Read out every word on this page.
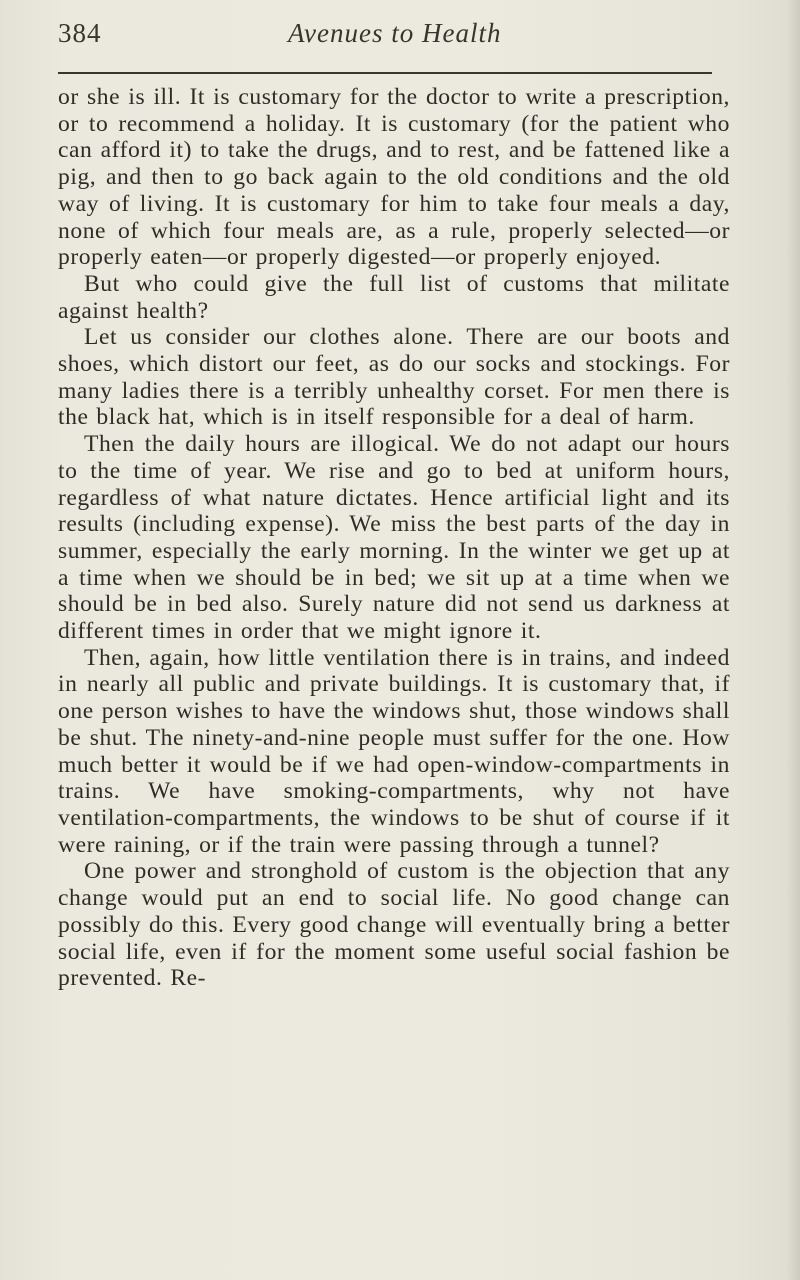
384	Avenues to Health

or she is ill. It is customary for the doctor to write a prescription, or to recommend a holiday. It is customary (for the patient who can afford it) to take the drugs, and to rest, and be fattened like a pig, and then to go back again to the old conditions and the old way of living. It is customary for him to take four meals a day, none of which four meals are, as a rule, properly selected—or properly eaten—or properly digested—or properly enjoyed.

But who could give the full list of customs that militate against health?

Let us consider our clothes alone. There are our boots and shoes, which distort our feet, as do our socks and stockings. For many ladies there is a terribly unhealthy corset. For men there is the black hat, which is in itself responsible for a deal of harm.

Then the daily hours are illogical. We do not adapt our hours to the time of year. We rise and go to bed at uniform hours, regardless of what nature dictates. Hence artificial light and its results (including expense). We miss the best parts of the day in summer, especially the early morning. In the winter we get up at a time when we should be in bed; we sit up at a time when we should be in bed also. Surely nature did not send us darkness at different times in order that we might ignore it.

Then, again, how little ventilation there is in trains, and indeed in nearly all public and private buildings. It is customary that, if one person wishes to have the windows shut, those windows shall be shut. The ninety-and-nine people must suffer for the one. How much better it would be if we had open-window-compartments in trains. We have smoking-compartments, why not have ventilation-compartments, the windows to be shut of course if it were raining, or if the train were passing through a tunnel?

One power and stronghold of custom is the objection that any change would put an end to social life. No good change can possibly do this. Every good change will eventually bring a better social life, even if for the moment some useful social fashion be prevented. Re-
